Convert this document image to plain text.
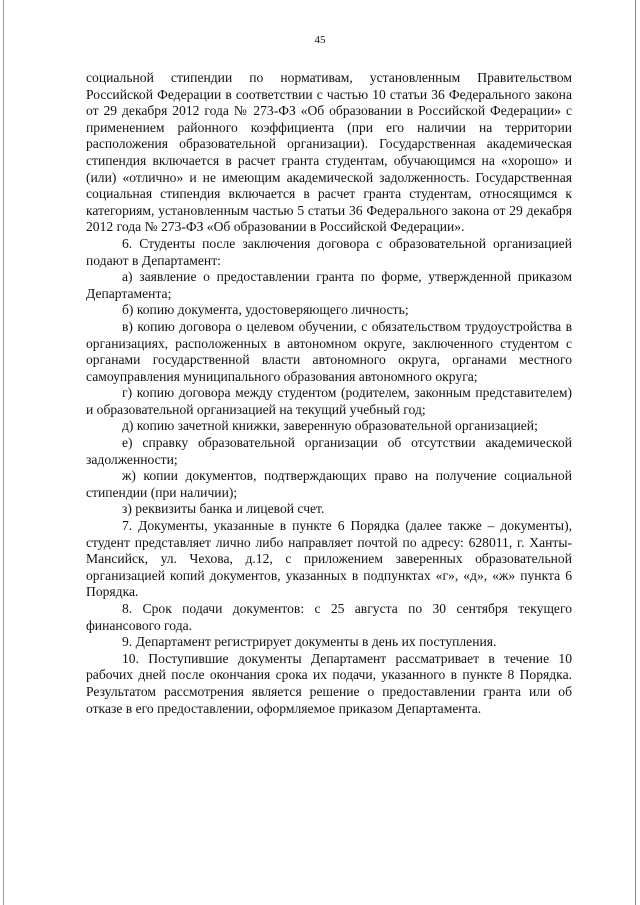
45

социальной стипендии по нормативам, установленным Правительством Российской Федерации в соответствии с частью 10 статьи 36 Федерального закона от 29 декабря 2012 года № 273-ФЗ «Об образовании в Российской Федерации» с применением районного коэффициента (при его наличии на территории расположения образовательной организации). Государственная академическая стипендия включается в расчет гранта студентам, обучающимся на «хорошо» и (или) «отлично» и не имеющим академической задолженность. Государственная социальная стипендия включается в расчет гранта студентам, относящимся к категориям, установленным частью 5 статьи 36 Федерального закона от 29 декабря 2012 года № 273-ФЗ «Об образовании в Российской Федерации».

6. Студенты после заключения договора с образовательной организацией подают в Департамент:

а) заявление о предоставлении гранта по форме, утвержденной приказом Департамента;

б) копию документа, удостоверяющего личность;

в) копию договора о целевом обучении, с обязательством трудоустройства в организациях, расположенных в автономном округе, заключенного студентом с органами государственной власти автономного округа, органами местного самоуправления муниципального образования автономного округа;

г) копию договора между студентом (родителем, законным представителем) и образовательной организацией на текущий учебный год;

д) копию зачетной книжки, заверенную образовательной организацией;

е) справку образовательной организации об отсутствии академической задолженности;

ж) копии документов, подтверждающих право на получение социальной стипендии (при наличии);

з) реквизиты банка и лицевой счет.

7. Документы, указанные в пункте 6 Порядка (далее также – документы), студент представляет лично либо направляет почтой по адресу: 628011, г. Ханты-Мансийск, ул. Чехова, д.12, с приложением заверенных образовательной организацией копий документов, указанных в подпунктах «г», «д», «ж» пункта 6 Порядка.

8. Срок подачи документов: с 25 августа по 30 сентября текущего финансового года.

9. Департамент регистрирует документы в день их поступления.

10. Поступившие документы Департамент рассматривает в течение 10 рабочих дней после окончания срока их подачи, указанного в пункте 8 Порядка. Результатом рассмотрения является решение о предоставлении гранта или об отказе в его предоставлении, оформляемое приказом Департамента.
